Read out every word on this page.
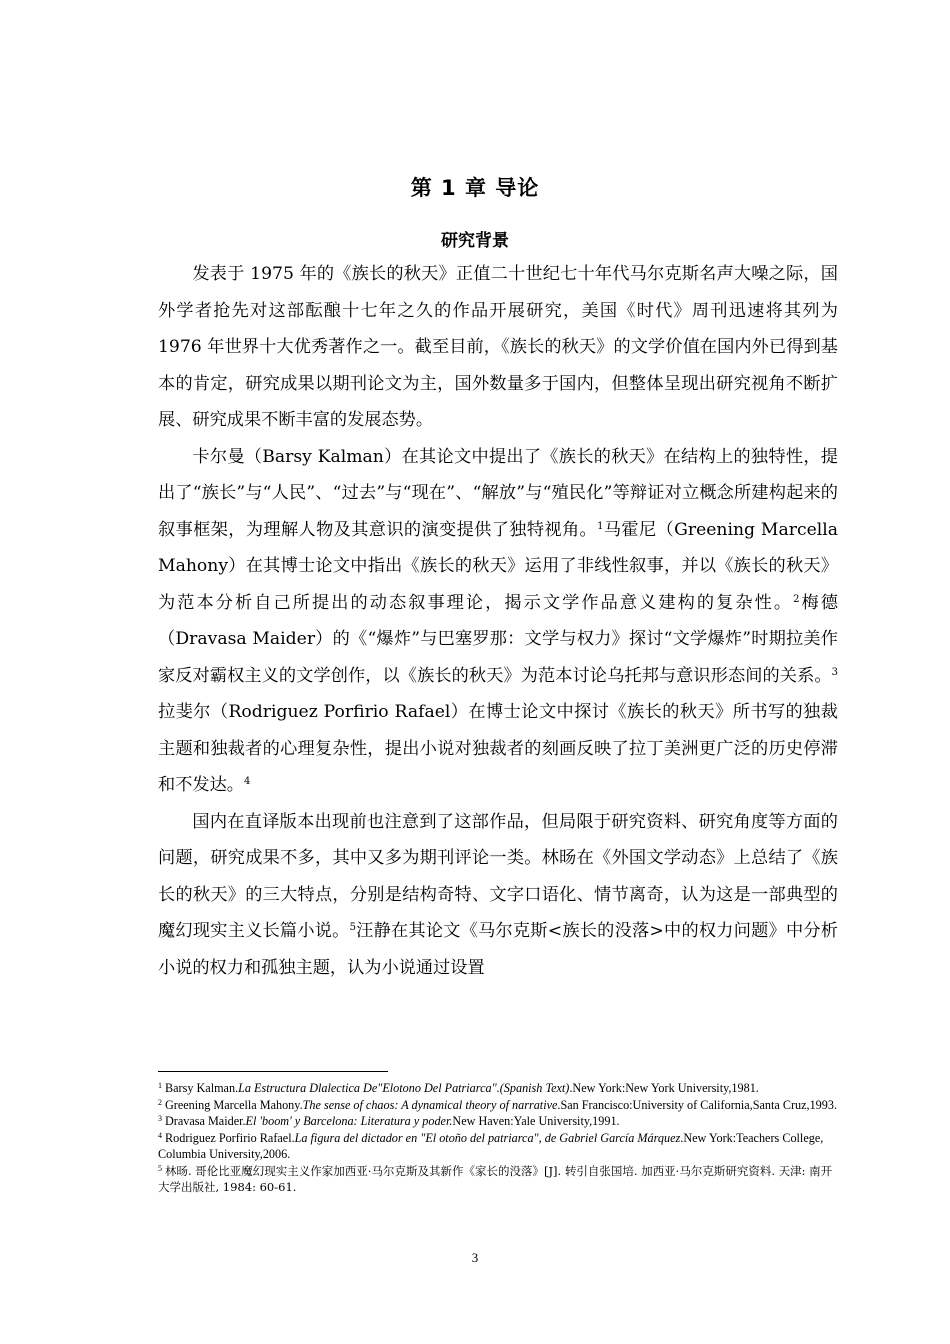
第 1 章 导论
研究背景

发表于 1975 年的《族长的秋天》正值二十世纪七十年代马尔克斯名声大噪之际，国外学者抢先对这部酝酿十七年之久的作品开展研究，美国《时代》周刊迅速将其列为 1976 年世界十大优秀著作之一。截至目前，《族长的秋天》的文学价值在国内外已得到基本的肯定，研究成果以期刊论文为主，国外数量多于国内，但整体呈现出研究视角不断扩展、研究成果不断丰富的发展态势。

卡尔曼（Barsy Kalman）在其论文中提出了《族长的秋天》在结构上的独特性，提出了“族长”与“人民”、“过去”与“现在”、“解放”与“殖民化”等辩证对立概念所建构起来的叙事框架，为理解人物及其意识的演变提供了独特视角。$^1$马霍尼（Greening Marcella Mahony）在其博士论文中指出《族长的秋天》运用了非线性叙事，并以《族长的秋天》为范本分析自己所提出的动态叙事理论，揭示文学作品意义建构的复杂性。$^2$梅德（Dravasa Maider）的《“爆炸”与巴塞罗那：文学与权力》探讨“文学爆炸”时期拉美作家反对霸权主义的文学创作，以《族长的秋天》为范本讨论乌托邦与意识形态间的关系。$^3$拉斐尔（Rodriguez Porfirio Rafael）在博士论文中探讨《族长的秋天》所书写的独裁主题和独裁者的心理复杂性，提出小说对独裁者的刻画反映了拉丁美洲更广泛的历史停滞和不发达。$^4$

国内在直译版本出现前也注意到了这部作品，但局限于研究资料、研究角度等方面的问题，研究成果不多，其中又多为期刊评论一类。林旸在《外国文学动态》上总结了《族长的秋天》的三大特点，分别是结构奇特、文字口语化、情节离奇，认为这是一部典型的魔幻现实主义长篇小说。$^5$汪静在其论文《马尔克斯<族长的没落>中的权力问题》中分析小说的权力和孤独主题，认为小说通过设置

$^1$ Barsy Kalman.La Estructura Dlalectica De"Elotono Del Patriarca".(Spanish Text).New York:New York University,1981.

$^2$ Greening Marcella Mahony.The sense of chaos: A dynamical theory of narrative.San Francisco:University of California,Santa Cruz,1993.

$^3$ Dravasa Maider.El 'boom' y Barcelona: Literatura y poder.New Haven:Yale University,1991.

$^4$ Rodriguez Porfirio Rafael.La figura del dictador en "El otoño del patriarca", de Gabriel García Márquez.New York:Teachers College, Columbia University,2006.

$^5$ 林旸. 哥伦比亚魔幻现实主义作家加西亚·马尔克斯及其新作《家长的没落》[J]. 转引自张国培. 加西亚·马尔克斯研究资料. 天津: 南开大学出版社, 1984: 60-61.

3
